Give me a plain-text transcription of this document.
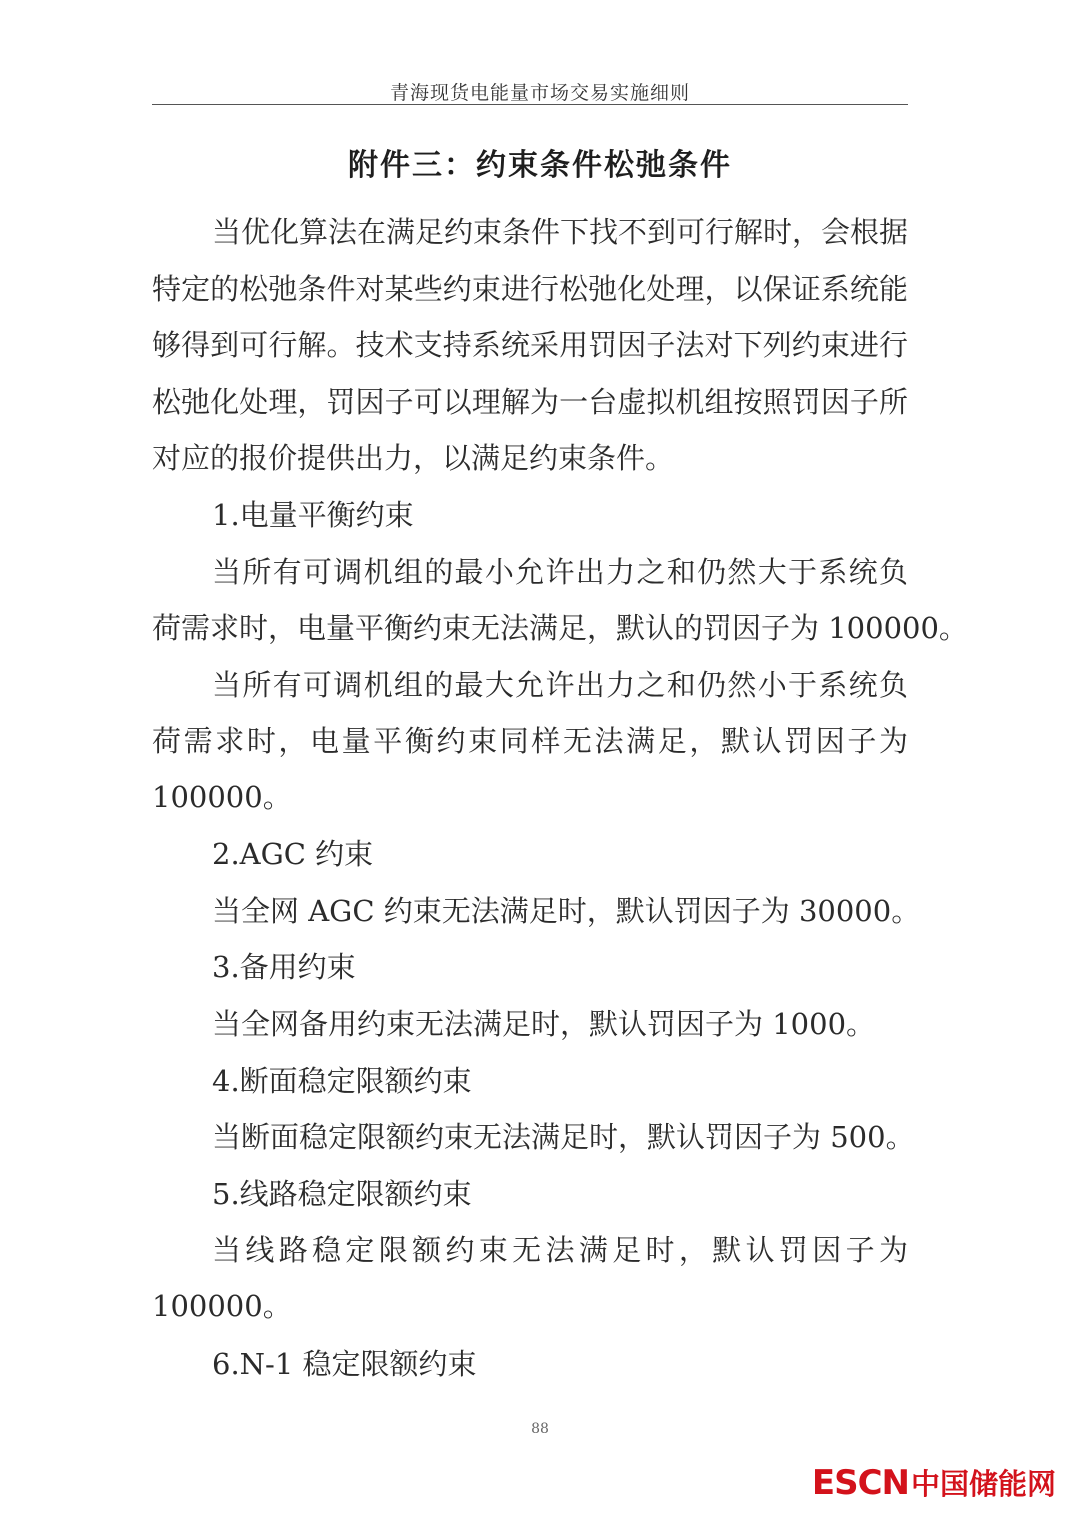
青海现货电能量市场交易实施细则
附件三：约束条件松弛条件
当优化算法在满足约束条件下找不到可行解时，会根据
特定的松弛条件对某些约束进行松弛化处理，以保证系统能
够得到可行解。技术支持系统采用罚因子法对下列约束进行
松弛化处理，罚因子可以理解为一台虚拟机组按照罚因子所
对应的报价提供出力，以满足约束条件。
1.电量平衡约束
当所有可调机组的最小允许出力之和仍然大于系统负
荷需求时，电量平衡约束无法满足，默认的罚因子为 100000。
当所有可调机组的最大允许出力之和仍然小于系统负
荷需求时，电量平衡约束同样无法满足，默认罚因子为
100000。
2.AGC 约束
当全网 AGC 约束无法满足时，默认罚因子为 30000。
3.备用约束
当全网备用约束无法满足时，默认罚因子为 1000。
4.断面稳定限额约束
当断面稳定限额约束无法满足时，默认罚因子为 500。
5.线路稳定限额约束
当线路稳定限额约束无法满足时，默认罚因子为
100000。
6.N-1 稳定限额约束
88
ESCN中国储能网
